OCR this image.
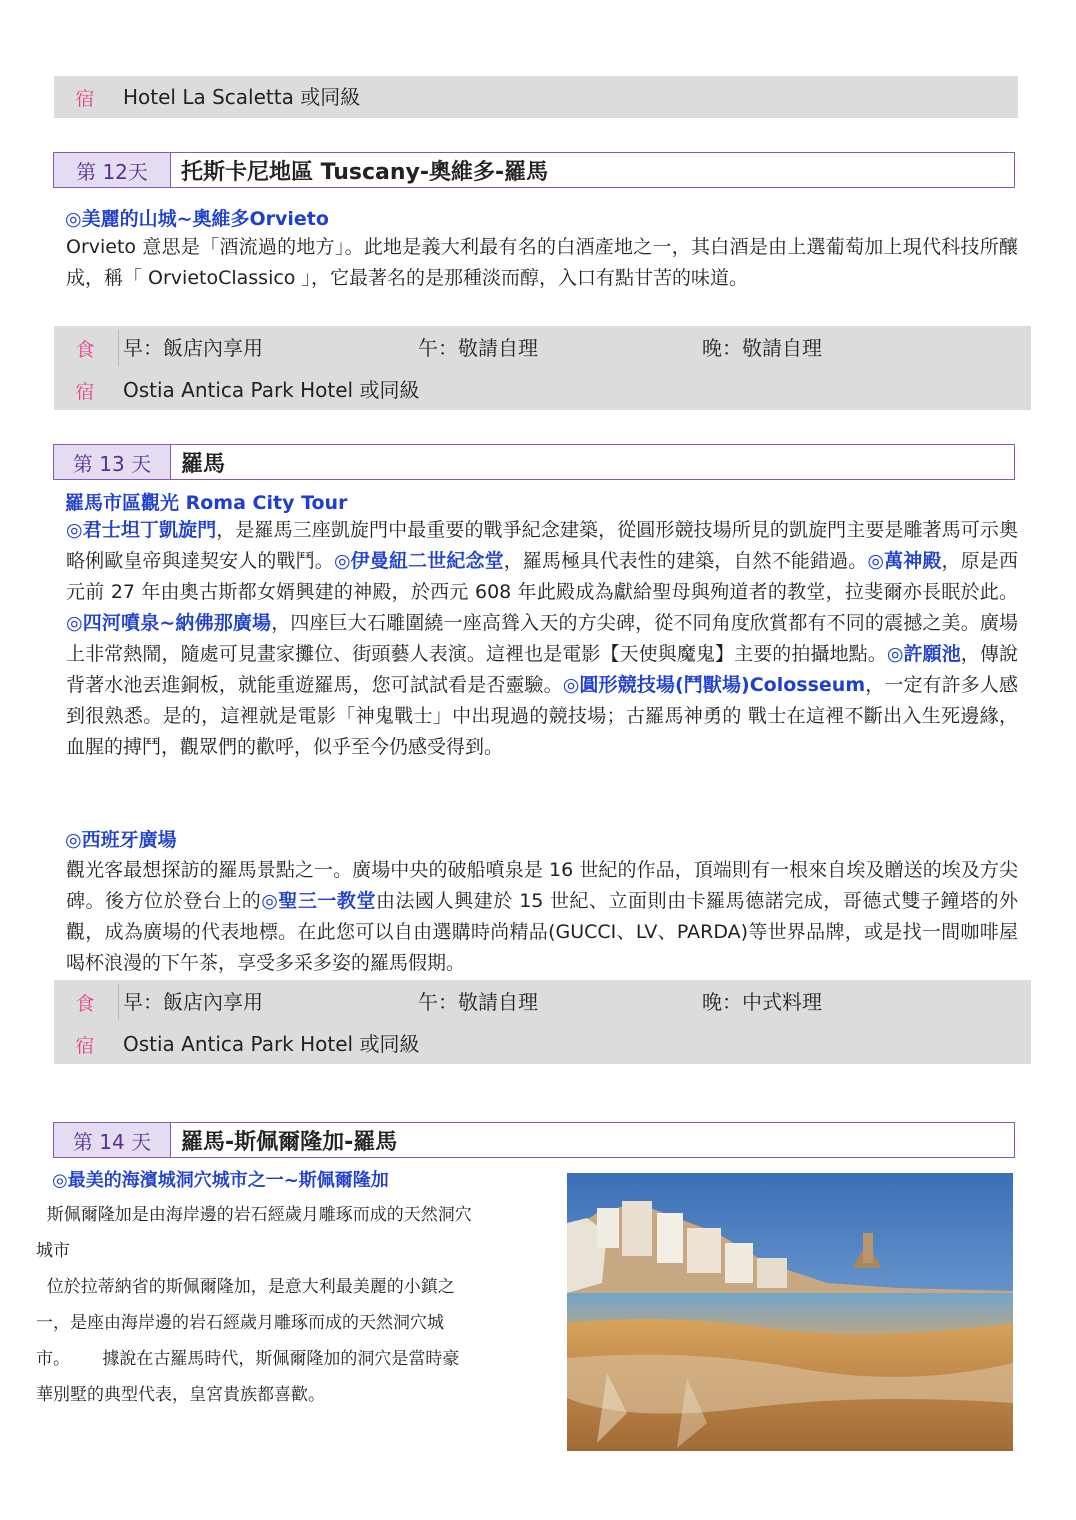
宿	Hotel La Scaletta 或同級
第 12天	托斯卡尼地區 Tuscany-奧維多-羅馬
◎美麗的山城~奧維多Orvieto
Orvieto 意思是「酒流過的地方」。此地是義大利最有名的白酒產地之一，其白酒是由上選葡萄加上現代科技所釀成，稱「 OrvietoClassico 」，它最著名的是那種淡而醇，入口有點甘苦的味道。
食	早：飯店內享用	午：敬請自理	晚：敬請自理
宿	Ostia Antica Park Hotel 或同級
第 13 天	羅馬
羅馬市區觀光 Roma City Tour
◎君士坦丁凱旋門，是羅馬三座凱旋門中最重要的戰爭紀念建築，從圓形競技場所見的凱旋門主要是雕著馬可示奧略俐歐皇帝與達契安人的戰鬥。◎伊曼紐二世紀念堂，羅馬極具代表性的建築，自然不能錯過。◎萬神殿，原是西元前 27 年由奧古斯都女婿興建的神殿，於西元 608 年此殿成為獻給聖母與殉道者的教堂，拉斐爾亦長眠於此。◎四河噴泉~納佛那廣場，四座巨大石雕圍繞一座高聳入天的方尖碑，從不同角度欣賞都有不同的震撼之美。廣場上非常熱鬧，隨處可見畫家攤位、街頭藝人表演。這裡也是電影【天使與魔鬼】主要的拍攝地點。◎許願池，傳說背著水池丟進銅板，就能重遊羅馬，您可試試看是否靈驗。◎圓形競技場(鬥獸場)Colosseum，一定有許多人感到很熟悉。是的，這裡就是電影「神鬼戰士」中出現過的競技場；古羅馬神勇的 戰士在這裡不斷出入生死邊緣，血腥的搏鬥，觀眾們的歡呼，似乎至今仍感受得到。
◎西班牙廣場
觀光客最想探訪的羅馬景點之一。廣場中央的破船噴泉是 16 世紀的作品，頂端則有一根來自埃及贈送的埃及方尖碑。後方位於登台上的◎聖三一教堂由法國人興建於 15 世紀、立面則由卡羅馬德諾完成，哥德式雙子鐘塔的外觀，成為廣場的代表地標。在此您可以自由選購時尚精品(GUCCI、LV、PARDA)等世界品牌，或是找一間咖啡屋喝杯浪漫的下午茶，享受多采多姿的羅馬假期。
食	早：飯店內享用	午：敬請自理	晚：中式料理
宿	Ostia Antica Park Hotel 或同級
第 14 天	羅馬-斯佩爾隆加-羅馬
◎最美的海濱城洞穴城市之一~斯佩爾隆加
斯佩爾隆加是由海岸邊的岩石經歲月雕琢而成的天然洞穴
城市
位於拉蒂納省的斯佩爾隆加，是意大利最美麗的小鎮之
一，是座由海岸邊的岩石經歲月雕琢而成的天然洞穴城
市。      據說在古羅馬時代，斯佩爾隆加的洞穴是當時豪
華別墅的典型代表，皇宮貴族都喜歡。
